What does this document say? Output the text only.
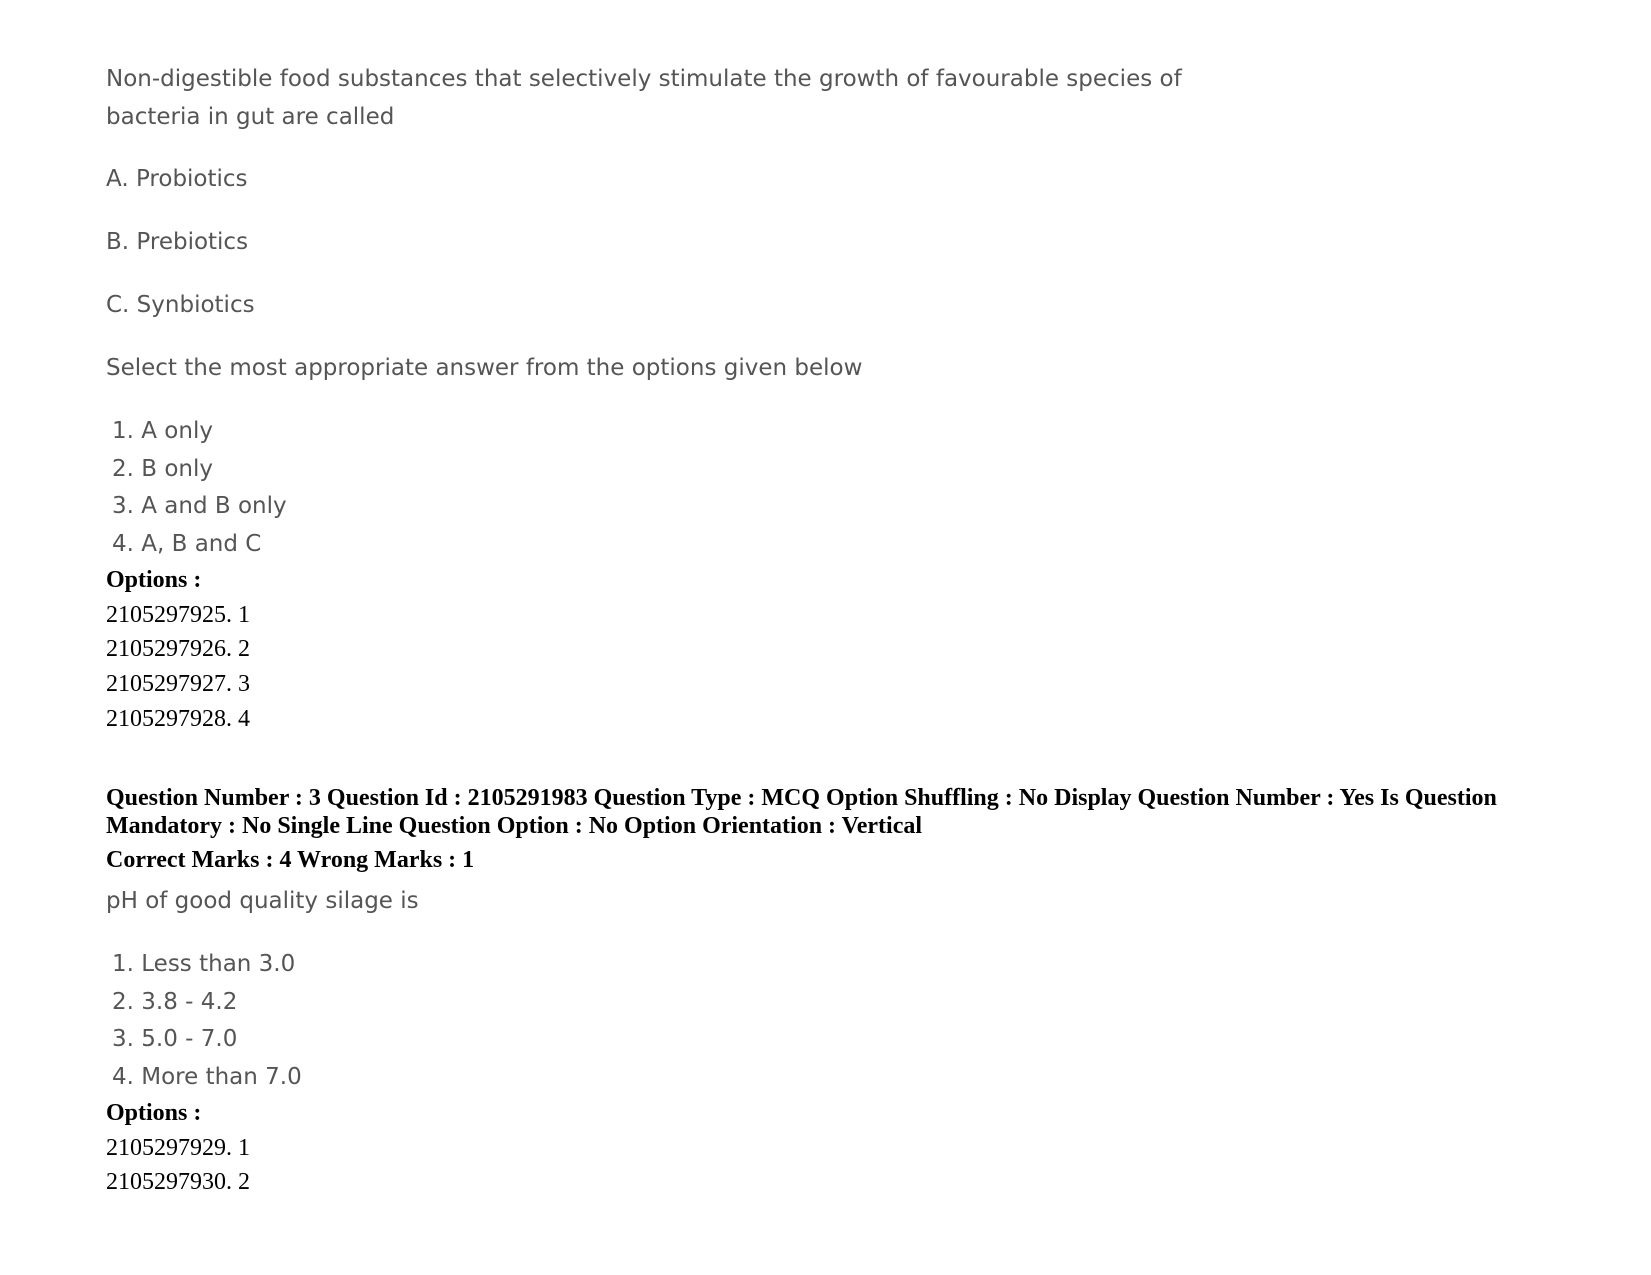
Non-digestible food substances that selectively stimulate the growth of favourable species of bacteria in gut are called
A. Probiotics
B. Prebiotics
C. Synbiotics
Select the most appropriate answer from the options given below
1. A only
2. B only
3. A and B only
4. A, B and C
Options :
2105297925. 1
2105297926. 2
2105297927. 3
2105297928. 4
Question Number : 3 Question Id : 2105291983 Question Type : MCQ Option Shuffling : No Display Question Number : Yes Is Question Mandatory : No Single Line Question Option : No Option Orientation : Vertical
Correct Marks : 4 Wrong Marks : 1
pH of good quality silage is
1. Less than 3.0
2. 3.8 - 4.2
3. 5.0 - 7.0
4. More than 7.0
Options :
2105297929. 1
2105297930. 2
